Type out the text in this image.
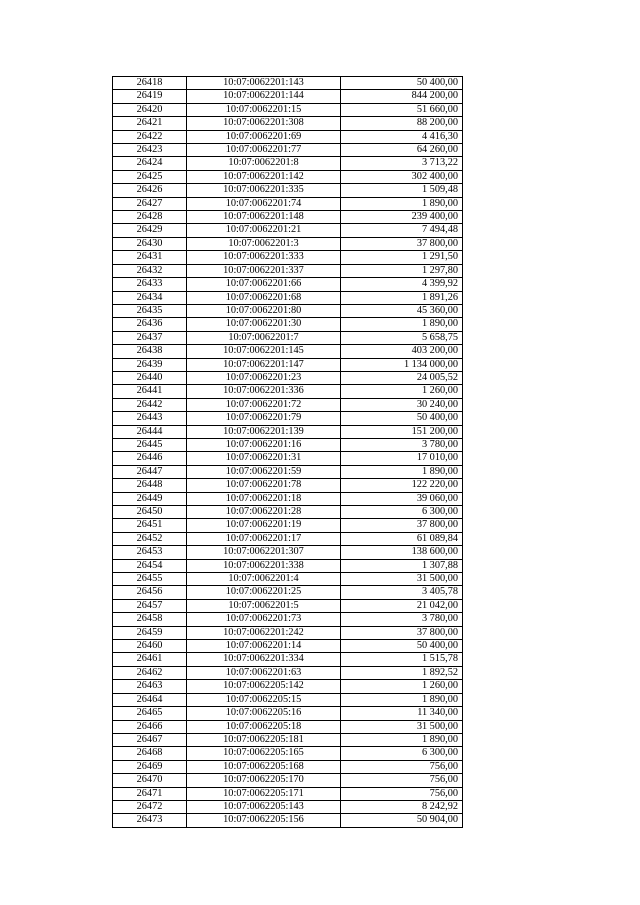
26418	10:07:0062201:143	50 400,00
26419	10:07:0062201:144	844 200,00
26420	10:07:0062201:15	51 660,00
26421	10:07:0062201:308	88 200,00
26422	10:07:0062201:69	4 416,30
26423	10:07:0062201:77	64 260,00
26424	10:07:0062201:8	3 713,22
26425	10:07:0062201:142	302 400,00
26426	10:07:0062201:335	1 509,48
26427	10:07:0062201:74	1 890,00
26428	10:07:0062201:148	239 400,00
26429	10:07:0062201:21	7 494,48
26430	10:07:0062201:3	37 800,00
26431	10:07:0062201:333	1 291,50
26432	10:07:0062201:337	1 297,80
26433	10:07:0062201:66	4 399,92
26434	10:07:0062201:68	1 891,26
26435	10:07:0062201:80	45 360,00
26436	10:07:0062201:30	1 890,00
26437	10:07:0062201:7	5 658,75
26438	10:07:0062201:145	403 200,00
26439	10:07:0062201:147	1 134 000,00
26440	10:07:0062201:23	24 005,52
26441	10:07:0062201:336	1 260,00
26442	10:07:0062201:72	30 240,00
26443	10:07:0062201:79	50 400,00
26444	10:07:0062201:139	151 200,00
26445	10:07:0062201:16	3 780,00
26446	10:07:0062201:31	17 010,00
26447	10:07:0062201:59	1 890,00
26448	10:07:0062201:78	122 220,00
26449	10:07:0062201:18	39 060,00
26450	10:07:0062201:28	6 300,00
26451	10:07:0062201:19	37 800,00
26452	10:07:0062201:17	61 089,84
26453	10:07:0062201:307	138 600,00
26454	10:07:0062201:338	1 307,88
26455	10:07:0062201:4	31 500,00
26456	10:07:0062201:25	3 405,78
26457	10:07:0062201:5	21 042,00
26458	10:07:0062201:73	3 780,00
26459	10:07:0062201:242	37 800,00
26460	10:07:0062201:14	50 400,00
26461	10:07:0062201:334	1 515,78
26462	10:07:0062201:63	1 892,52
26463	10:07:0062205:142	1 260,00
26464	10:07:0062205:15	1 890,00
26465	10:07:0062205:16	11 340,00
26466	10:07:0062205:18	31 500,00
26467	10:07:0062205:181	1 890,00
26468	10:07:0062205:165	6 300,00
26469	10:07:0062205:168	756,00
26470	10:07:0062205:170	756,00
26471	10:07:0062205:171	756,00
26472	10:07:0062205:143	8 242,92
26473	10:07:0062205:156	50 904,00
